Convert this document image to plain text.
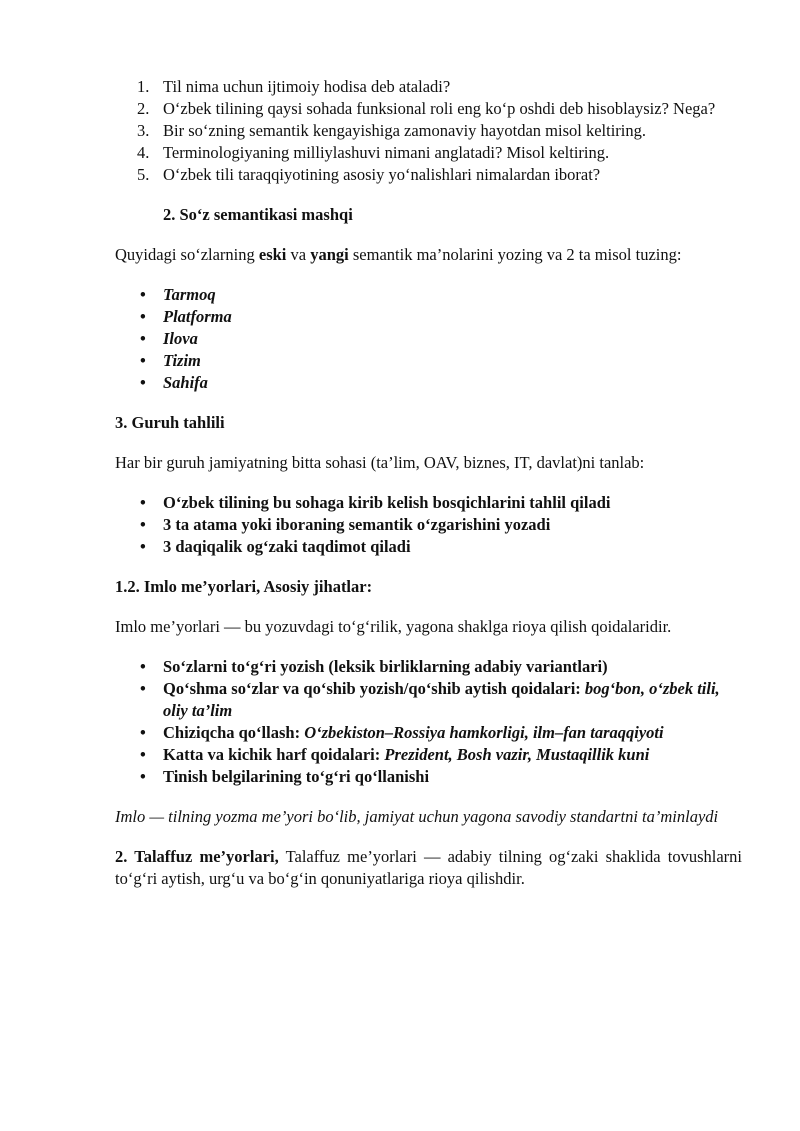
1. Til nima uchun ijtimoiy hodisa deb ataladi?
2. O‘zbek tilining qaysi sohada funksional roli eng ko‘p oshdi deb hisoblaysiz? Nega?
3. Bir so‘zning semantik kengayishiga zamonaviy hayotdan misol keltiring.
4. Terminologiyaning milliylashuvi nimani anglatadi? Misol keltiring.
5. O‘zbek tili taraqqiyotining asosiy yo‘nalishlari nimalardan iborat?
2. So‘z semantikasi mashqi

Quyidagi so‘zlarning eski va yangi semantik ma’nolarini yozing va 2 ta misol tuzing:

• Tarmoq
• Platforma
• Ilova
• Tizim
• Sahifa

3. Guruh tahlili

Har bir guruh jamiyatning bitta sohasi (ta’lim, OAV, biznes, IT, davlat)ni tanlab:

• O‘zbek tilining bu sohaga kirib kelish bosqichlarini tahlil qiladi
• 3 ta atama yoki iboraning semantik o‘zgarishini yozadi
• 3 daqiqalik og‘zaki taqdimot qiladi

1.2. Imlo me’yorlari, Asosiy jihatlar:

Imlo me’yorlari — bu yozuvdagi to‘g‘rilik, yagona shaklga rioya qilish qoidalaridir.

• So‘zlarni to‘g‘ri yozish (leksik birliklarning adabiy variantlari)
• Qo‘shma so‘zlar va qo‘shib yozish/qo‘shib aytish qoidalari: bog‘bon, o‘zbek tili, oliy ta’lim
• Chiziqcha qo‘llash: O‘zbekiston–Rossiya hamkorligi, ilm–fan taraqqiyoti
• Katta va kichik harf qoidalari: Prezident, Bosh vazir, Mustaqillik kuni
• Tinish belgilarining to‘g‘ri qo‘llanishi

Imlo — tilning yozma me’yori bo‘lib, jamiyat uchun yagona savodiy standartni ta’minlaydi

2. Talaffuz me’yorlari, Talaffuz me’yorlari — adabiy tilning og‘zaki shaklida tovushlarni to‘g‘ri aytish, urg‘u va bo‘g‘in qonuniyatlariga rioya qilishdir.
